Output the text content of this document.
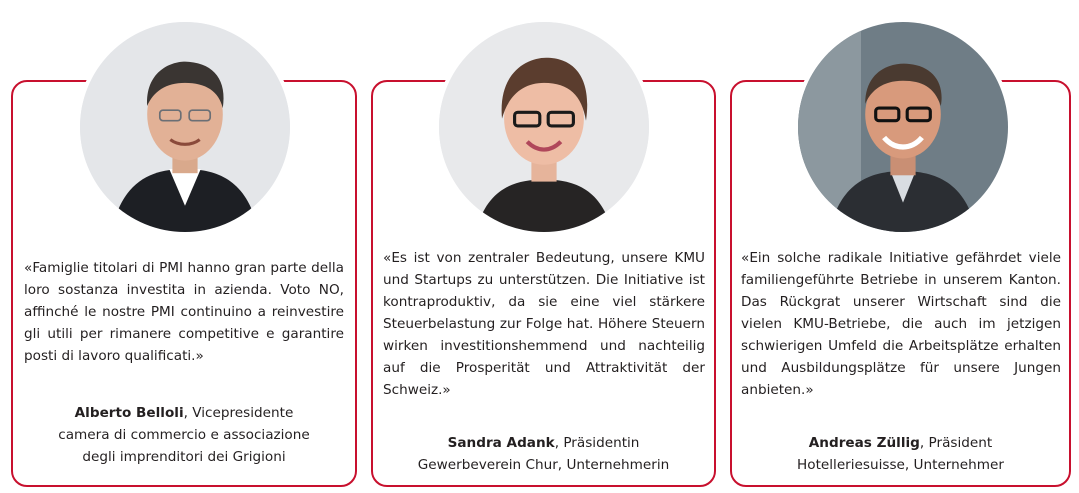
«Famiglie titolari di PMI hanno gran parte della loro sostanza investita in azienda. Voto NO, affinché le nostre PMI continuino a reinvestire gli utili per rimanere competitive e garantire posti di lavoro qualificati.»

Alberto Belloli, Vicepresidente
camera di commercio e associazione
degli imprenditori dei Grigioni

«Es ist von zentraler Bedeutung, unsere KMU und Startups zu unterstützen. Die Initiative ist kontraproduktiv, da sie eine viel stärkere Steuerbelastung zur Folge hat. Höhere Steuern wirken investitionshemmend und nachteilig auf die Prosperität und Attraktivität der Schweiz.»

Sandra Adank, Präsidentin
Gewerbeverein Chur, Unternehmerin

«Ein solche radikale Initiative gefährdet viele familiengeführte Betriebe in unserem Kanton. Das Rückgrat unserer Wirtschaft sind die vielen KMU-Betriebe, die auch im jetzigen schwierigen Umfeld die Arbeitsplätze erhalten und Ausbildungsplätze für unsere Jungen anbieten.»

Andreas Züllig, Präsident
Hotelleriesuisse, Unternehmer
